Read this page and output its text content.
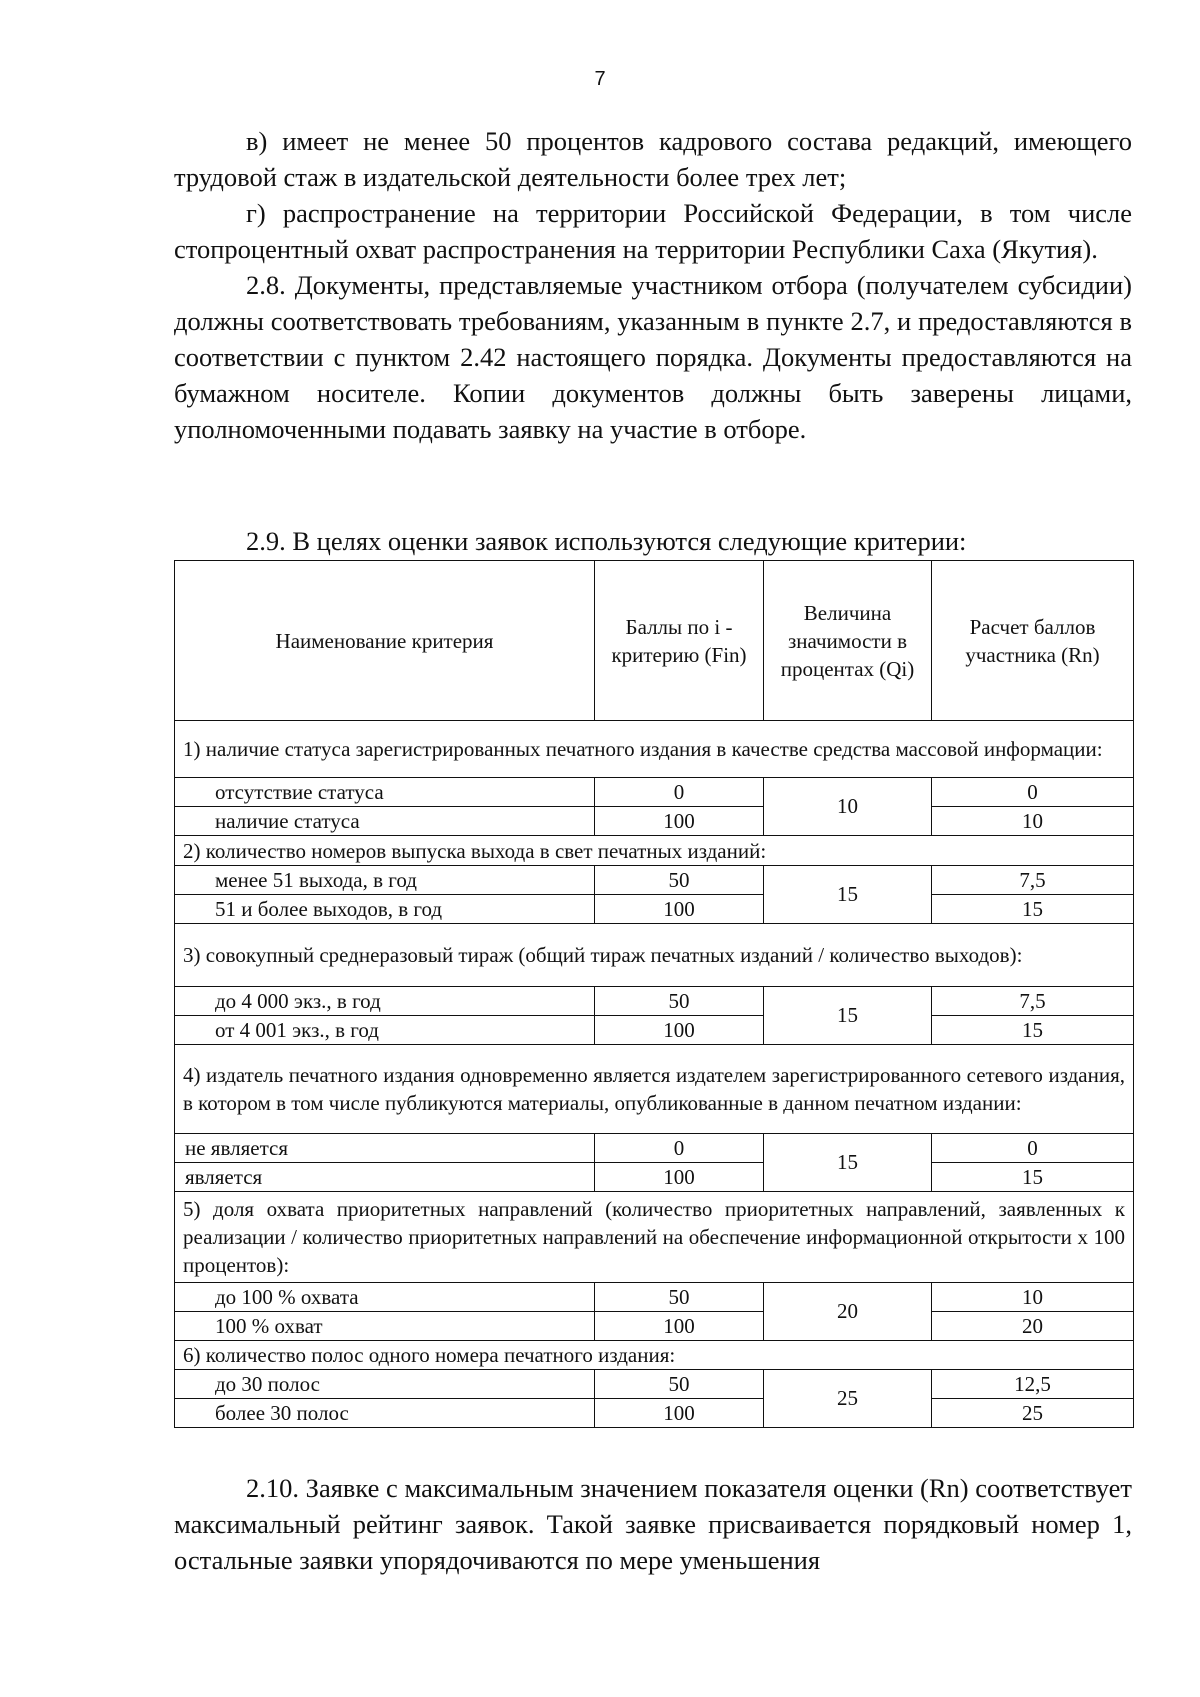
7

в) имеет не менее 50 процентов кадрового состава редакций, имеющего трудовой стаж в издательской деятельности более трех лет;

г) распространение на территории Российской Федерации, в том числе стопроцентный охват распространения на территории Республики Саха (Якутия).

2.8. Документы, представляемые участником отбора (получателем субсидии) должны соответствовать требованиям, указанным в пункте 2.7, и предоставляются в соответствии с пунктом 2.42 настоящего порядка. Документы предоставляются на бумажном носителе. Копии документов должны быть заверены лицами, уполномоченными подавать заявку на участие в отборе.

2.9. В целях оценки заявок используются следующие критерии:

Наименование критерия	Баллы по i - критерию (Fin)	Величина значимости в процентах (Qi)	Расчет баллов участника (Rn)
1) наличие статуса зарегистрированных печатного издания в качестве средства массовой информации:			
отсутствие статуса	0	10	0
наличие статуса	100		10
2) количество номеров выпуска выхода в свет печатных изданий:			
менее 51 выхода, в год	50	15	7,5
51 и более выходов, в год	100		15
3) совокупный среднеразовый тираж (общий тираж печатных изданий / количество выходов):			
до 4 000 экз., в год	50	15	7,5
от 4 001 экз., в год	100		15
4) издатель печатного издания одновременно является издателем зарегистрированного сетевого издания, в котором в том числе публикуются материалы, опубликованные в данном печатном издании:			
не является	0	15	0
является	100		15
5) доля охвата приоритетных направлений (количество приоритетных направлений, заявленных к реализации / количество приоритетных направлений на обеспечение информационной открытости х 100 процентов):			
до 100 % охвата	50	20	10
100 % охват	100		20
6) количество полос одного номера печатного издания:			
до 30 полос	50	25	12,5
более 30 полос	100		25

2.10. Заявке с максимальным значением показателя оценки (Rn) соответствует максимальный рейтинг заявок. Такой заявке присваивается порядковый номер 1, остальные заявки упорядочиваются по мере уменьшения
